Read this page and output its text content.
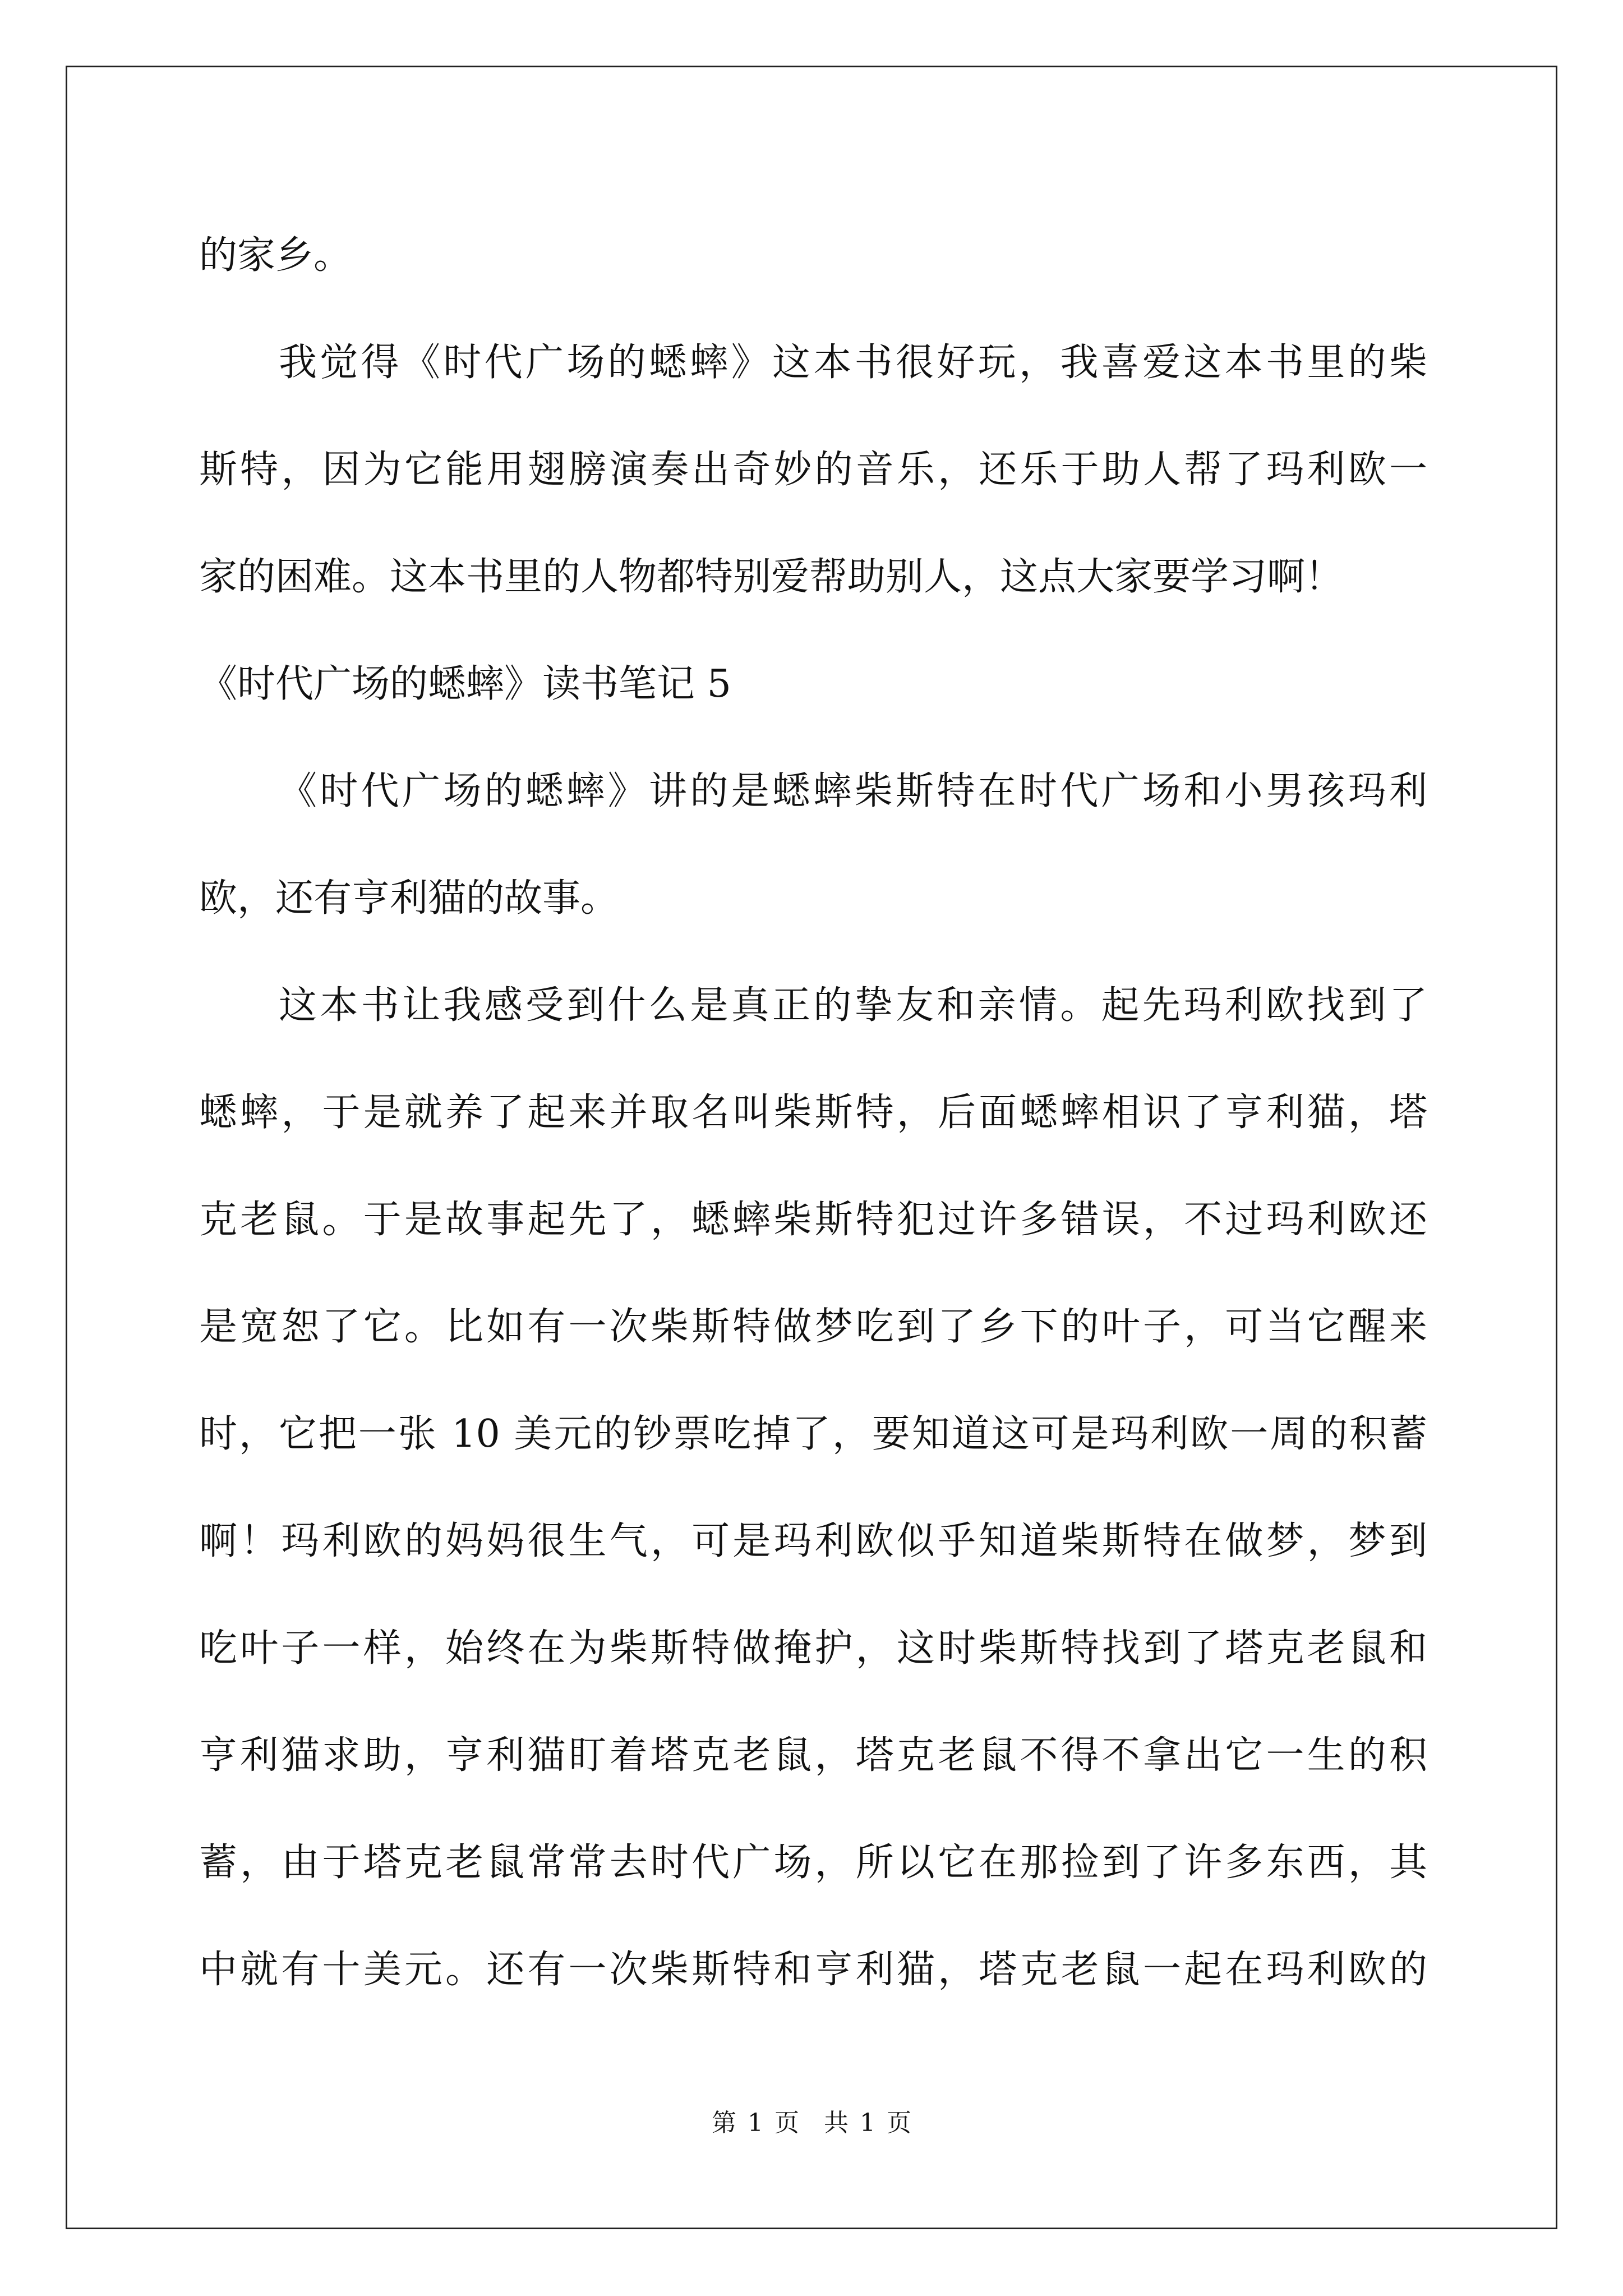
的家乡。
我觉得《时代广场的蟋蟀》这本书很好玩，我喜爱这本书里的柴
斯特，因为它能用翅膀演奏出奇妙的音乐，还乐于助人帮了玛利欧一
家的困难。这本书里的人物都特别爱帮助别人，这点大家要学习啊！
《时代广场的蟋蟀》读书笔记 5
《时代广场的蟋蟀》讲的是蟋蟀柴斯特在时代广场和小男孩玛利
欧，还有亨利猫的故事。
这本书让我感受到什么是真正的挚友和亲情。起先玛利欧找到了
蟋蟀，于是就养了起来并取名叫柴斯特，后面蟋蟀相识了亨利猫，塔
克老鼠。于是故事起先了，蟋蟀柴斯特犯过许多错误，不过玛利欧还
是宽恕了它。比如有一次柴斯特做梦吃到了乡下的叶子，可当它醒来
时，它把一张 10 美元的钞票吃掉了，要知道这可是玛利欧一周的积蓄
啊！玛利欧的妈妈很生气，可是玛利欧似乎知道柴斯特在做梦，梦到
吃叶子一样，始终在为柴斯特做掩护，这时柴斯特找到了塔克老鼠和
亨利猫求助，亨利猫盯着塔克老鼠，塔克老鼠不得不拿出它一生的积
蓄，由于塔克老鼠常常去时代广场，所以它在那捡到了许多东西，其
中就有十美元。还有一次柴斯特和亨利猫，塔克老鼠一起在玛利欧的
第 1 页　共 1 页
